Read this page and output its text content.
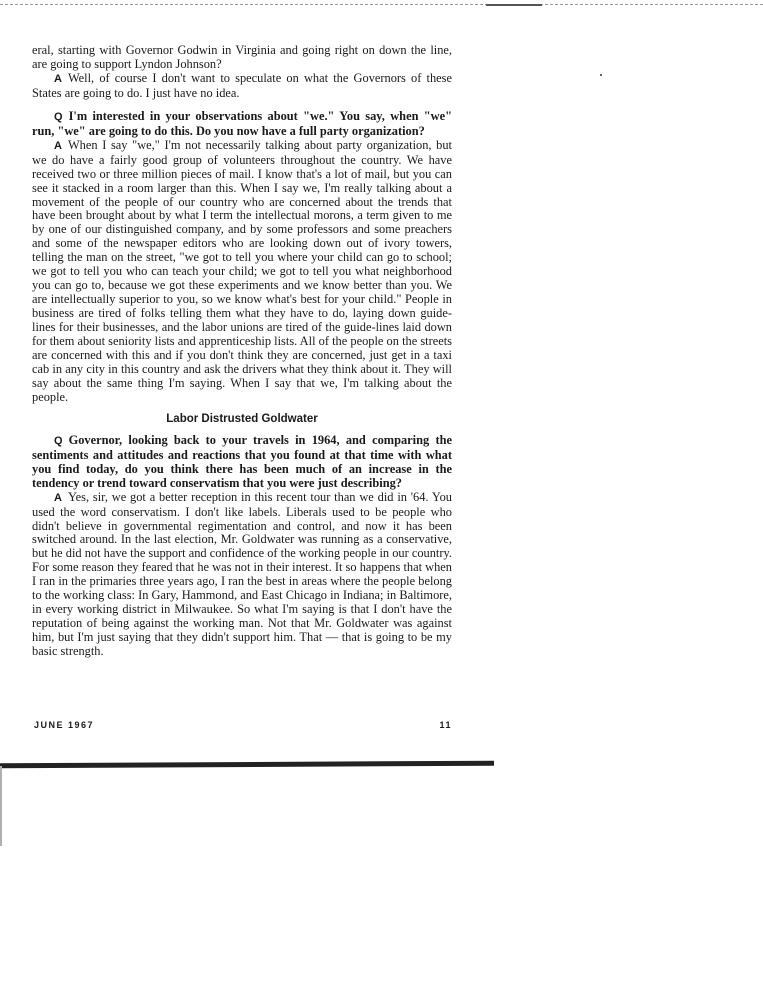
eral, starting with Governor Godwin in Virginia and going right on down the line, are going to support Lyndon Johnson?

A Well, of course I don't want to speculate on what the Governors of these States are going to do. I just have no idea.

Q I'm interested in your observations about "we." You say, when "we" run, "we" are going to do this. Do you now have a full party organization?

A When I say "we," I'm not necessarily talking about party organization, but we do have a fairly good group of volunteers throughout the country. We have received two or three million pieces of mail. I know that's a lot of mail, but you can see it stacked in a room larger than this. When I say we, I'm really talking about a movement of the people of our country who are concerned about the trends that have been brought about by what I term the intellectual morons, a term given to me by one of our distinguished company, and by some professors and some preachers and some of the newspaper editors who are looking down out of ivory towers, telling the man on the street, "we got to tell you where your child can go to school; we got to tell you who can teach your child; we got to tell you what neighborhood you can go to, because we got these experiments and we know better than you. We are intellectually superior to you, so we know what's best for your child." People in business are tired of folks telling them what they have to do, laying down guide-lines for their businesses, and the labor unions are tired of the guide-lines laid down for them about seniority lists and apprenticeship lists. All of the people on the streets are concerned with this and if you don't think they are concerned, just get in a taxi cab in any city in this country and ask the drivers what they think about it. They will say about the same thing I'm saying. When I say that we, I'm talking about the people.

Labor Distrusted Goldwater

Q Governor, looking back to your travels in 1964, and comparing the sentiments and attitudes and reactions that you found at that time with what you find today, do you think there has been much of an increase in the tendency or trend toward conservatism that you were just describing?

A Yes, sir, we got a better reception in this recent tour than we did in '64. You used the word conservatism. I don't like labels. Liberals used to be people who didn't believe in governmental regimentation and control, and now it has been switched around. In the last election, Mr. Goldwater was running as a conservative, but he did not have the support and confidence of the working people in our country. For some reason they feared that he was not in their interest. It so happens that when I ran in the primaries three years ago, I ran the best in areas where the people belong to the working class: In Gary, Hammond, and East Chicago in Indiana; in Baltimore, in every working district in Milwaukee. So what I'm saying is that I don't have the reputation of being against the working man. Not that Mr. Goldwater was against him, but I'm just saying that they didn't support him. That — that is going to be my basic strength.

JUNE 1967	11
